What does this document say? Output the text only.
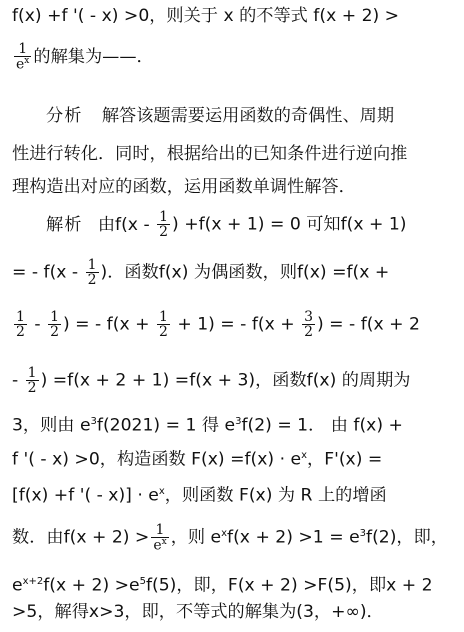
f(x) +f '( - x) >0，则关于 x 的不等式 f(x + 2) >
$\frac{1}{e^x}$ 的解集为——．
分析 解答该题需要运用函数的奇偶性、周期
性进行转化．同时，根据给出的已知条件进行逆向推
理构造出对应的函数，运用函数单调性解答．
解析 由$f(x - \frac{1}{2}$ ) +f(x + 1) = 0 可知f(x + 1)
= - $f(x - \frac{1}{2}$ )．函数f(x) 为偶函数，则f(x) =f(x +
$\frac{1}{2} - \frac{1}{2}$ ) = - $f(x + \frac{1}{2} + 1)$ = - $f(x + \frac{3}{2}$ ) = - f(x + 2
- $\frac{1}{2}$ ) =f(x + 2 + 1) =f(x + 3)，函数f(x) 的周期为
3，则由 $e^3f(2021) = 1$ 得 $e^3f(2) = 1$． 由 f(x) +
f '( - x) >0，构造函数 $F(x) =f(x) \cdot e^x$，F'(x) =
[f(x) +f '( - $x)] \cdot e^x$，则函数 F(x) 为 R 上的增函
数．由$f(x + 2) > \frac{1}{e^x}$ ，则 $e^xf(x + 2) >1 = e^3f(2)$，即，
$e^{x+2}f(x + 2) >e^5f(5)$，即，F(x + 2) >F(5)，即x + 2
>5，解得x>3，即，不等式的解集为(3，+∞)．
